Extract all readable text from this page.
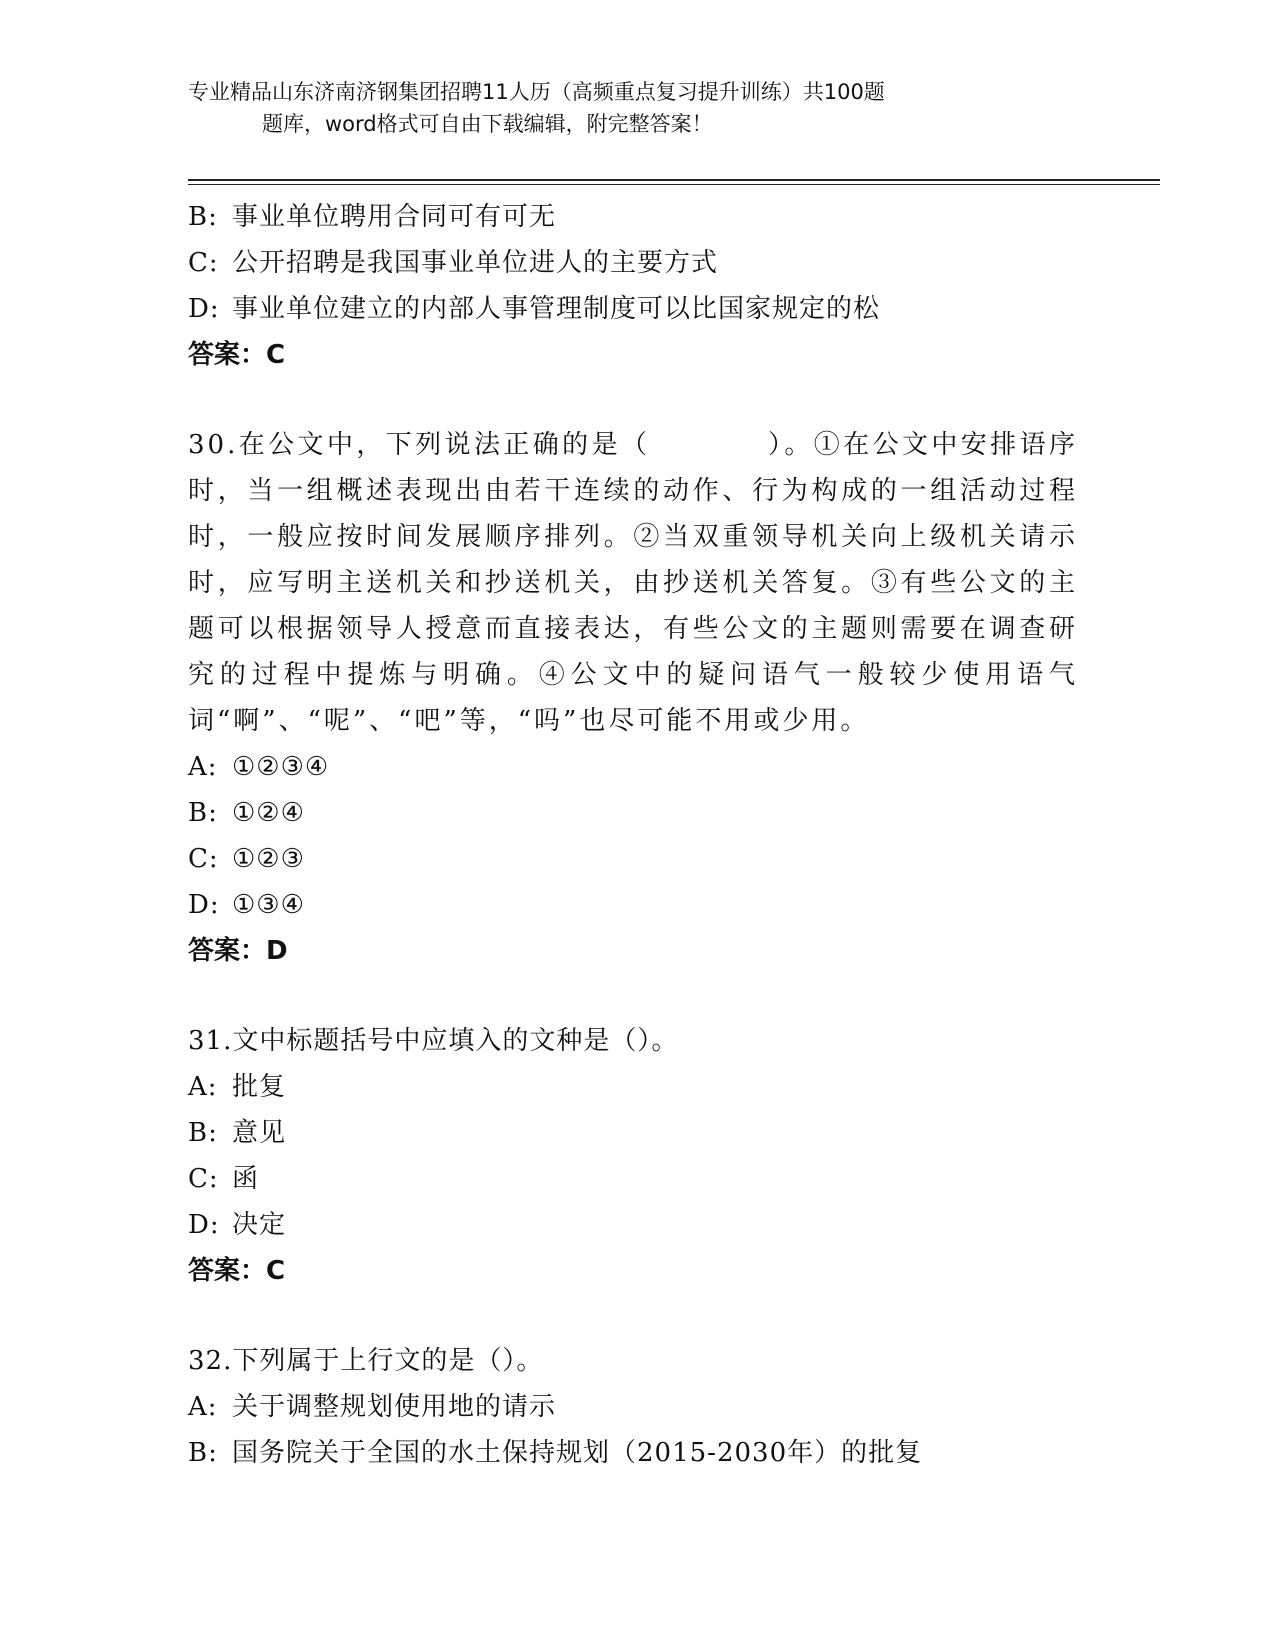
专业精品山东济南济钢集团招聘11人历（高频重点复习提升训练）共100题
题库，word格式可自由下载编辑，附完整答案！
B: 事业单位聘用合同可有可无
C: 公开招聘是我国事业单位进人的主要方式
D: 事业单位建立的内部人事管理制度可以比国家规定的松
答案：C
30.在公文中，下列说法正确的是（　　　　）。①在公文中安排语序时，当一组概述表现出由若干连续的动作、行为构成的一组活动过程时，一般应按时间发展顺序排列。②当双重领导机关向上级机关请示时，应写明主送机关和抄送机关，由抄送机关答复。③有些公文的主题可以根据领导人授意而直接表达，有些公文的主题则需要在调查研究的过程中提炼与明确。④公文中的疑问语气一般较少使用语气词“啊”、“呢”、“吧”等，“吗”也尽可能不用或少用。
A: ①②③④
B: ①②④
C: ①②③
D: ①③④
答案：D
31.文中标题括号中应填入的文种是（）。
A: 批复
B: 意见
C: 函
D: 决定
答案：C
32.下列属于上行文的是（）。
A: 关于调整规划使用地的请示
B: 国务院关于全国的水土保持规划（2015-2030年）的批复
